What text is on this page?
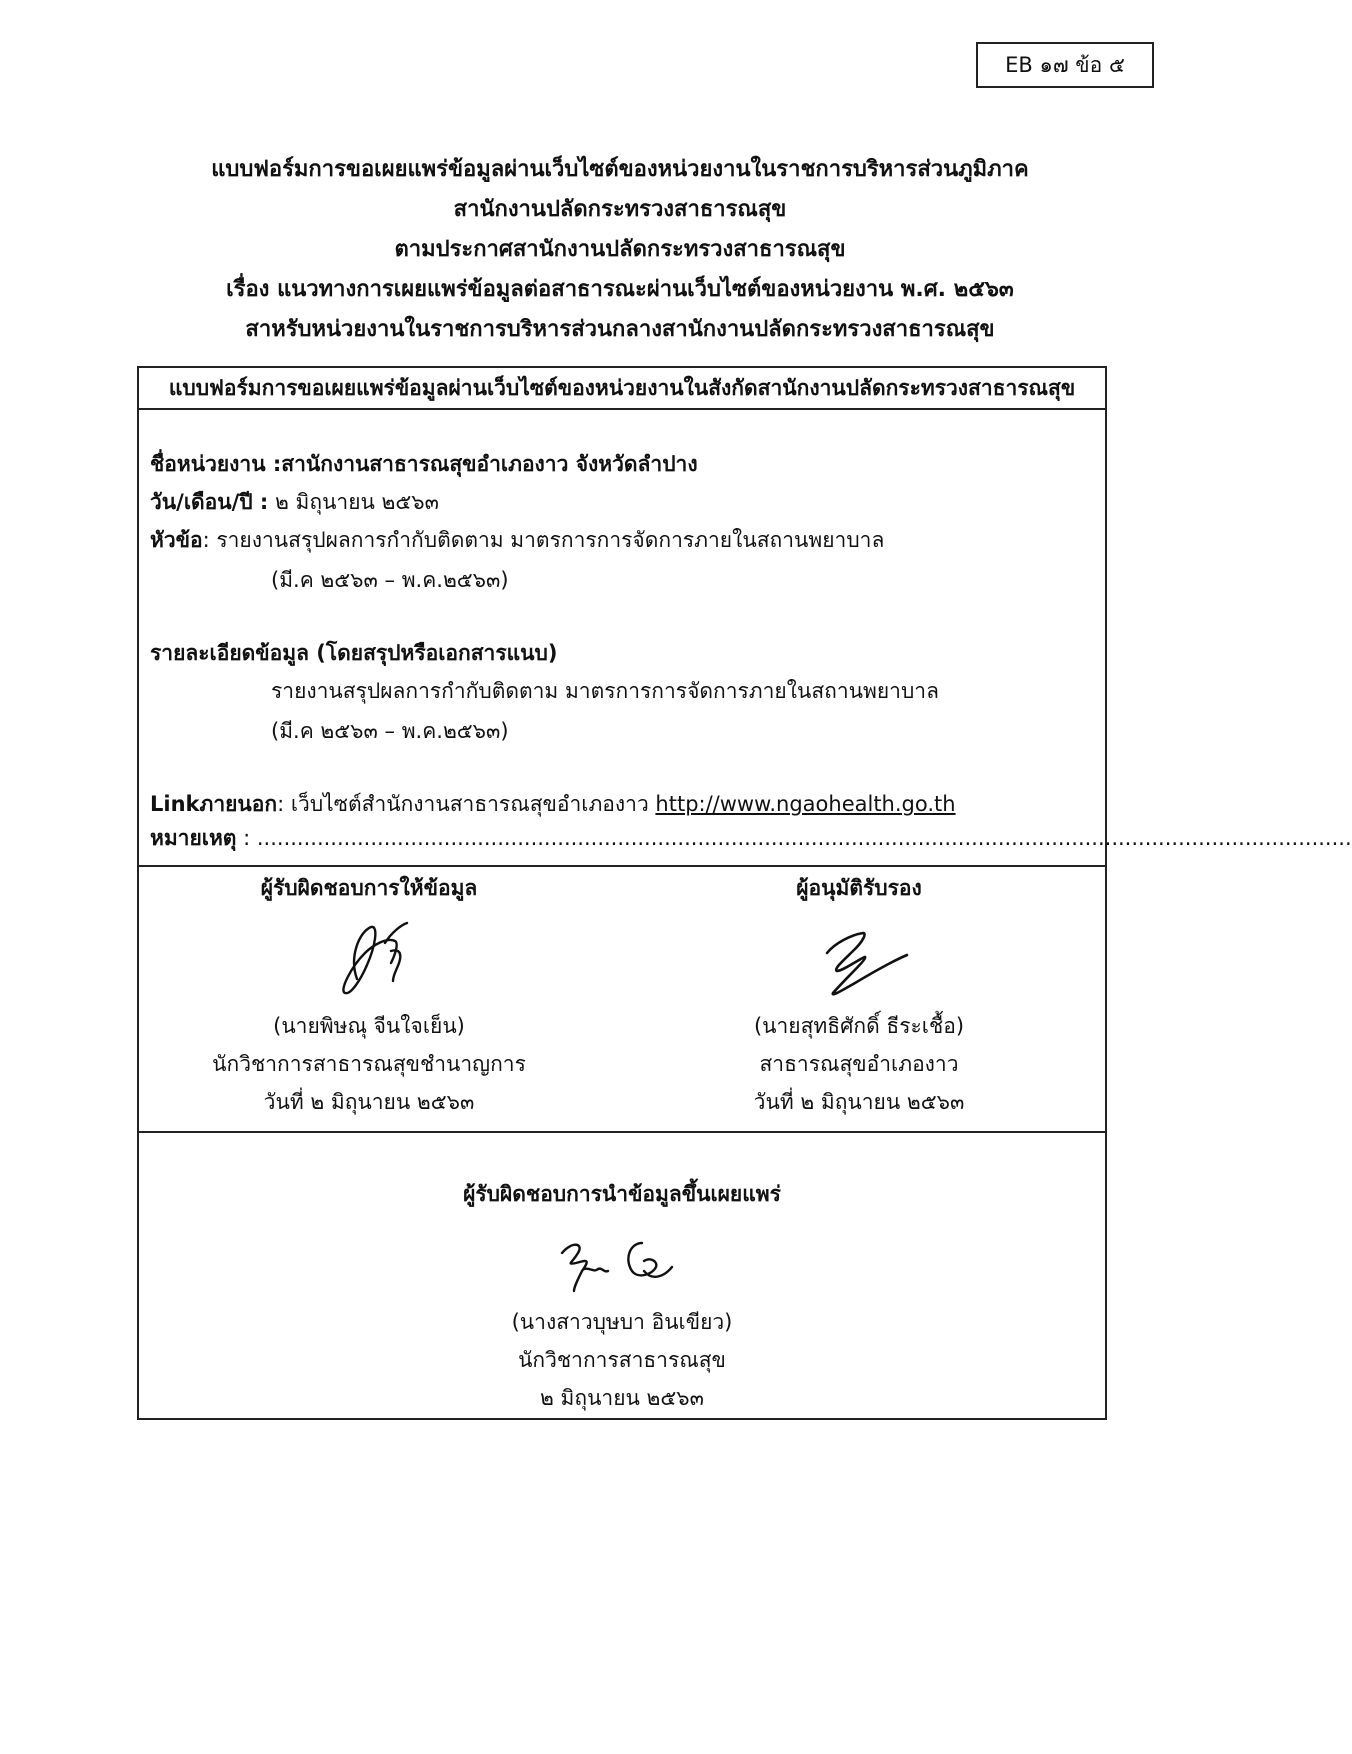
EB ๑๗ ข้อ ๕
แบบฟอร์มการขอเผยแพร่ข้อมูลผ่านเว็บไซต์ของหน่วยงานในราชการบริหารส่วนภูมิภาค
สานักงานปลัดกระทรวงสาธารณสุข
ตามประกาศสานักงานปลัดกระทรวงสาธารณสุข
เรื่อง แนวทางการเผยแพร่ข้อมูลต่อสาธารณะผ่านเว็บไซต์ของหน่วยงาน พ.ศ. ๒๕๖๓
สาหรับหน่วยงานในราชการบริหารส่วนกลางสานักงานปลัดกระทรวงสาธารณสุข
แบบฟอร์มการขอเผยแพร่ข้อมูลผ่านเว็บไซต์ของหน่วยงานในสังกัดสานักงานปลัดกระทรวงสาธารณสุข
ชื่อหน่วยงาน :สานักงานสาธารณสุขอำเภองาว จังหวัดลำปาง
วัน/เดือน/ปี : ๒ มิถุนายน ๒๕๖๓
หัวข้อ: รายงานสรุปผลการกำกับติดตาม มาตรการการจัดการภายในสถานพยาบาล
(มี.ค ๒๕๖๓ – พ.ค.๒๕๖๓)
รายละเอียดข้อมูล (โดยสรุปหรือเอกสารแนบ)
รายงานสรุปผลการกำกับติดตาม มาตรการการจัดการภายในสถานพยาบาล
(มี.ค ๒๕๖๓ – พ.ค.๒๕๖๓)
Linkภายนอก: เว็บไซต์สำนักงานสาธารณสุขอำเภองาว http://www.ngaohealth.go.th
หมายเหตุ : ....................................................................................................................................................................
ผู้รับผิดชอบการให้ข้อมูล
(นายพิษณุ จีนใจเย็น)
นักวิชาการสาธารณสุขชำนาญการ
วันที่ ๒ มิถุนายน ๒๕๖๓
ผู้อนุมัติรับรอง
(นายสุทธิศักดิ์ ธีระเชื้อ)
สาธารณสุขอำเภองาว
วันที่ ๒ มิถุนายน ๒๕๖๓
ผู้รับผิดชอบการนำข้อมูลขึ้นเผยแพร่
(นางสาวบุษบา อินเขียว)
นักวิชาการสาธารณสุข
๒ มิถุนายน ๒๕๖๓
